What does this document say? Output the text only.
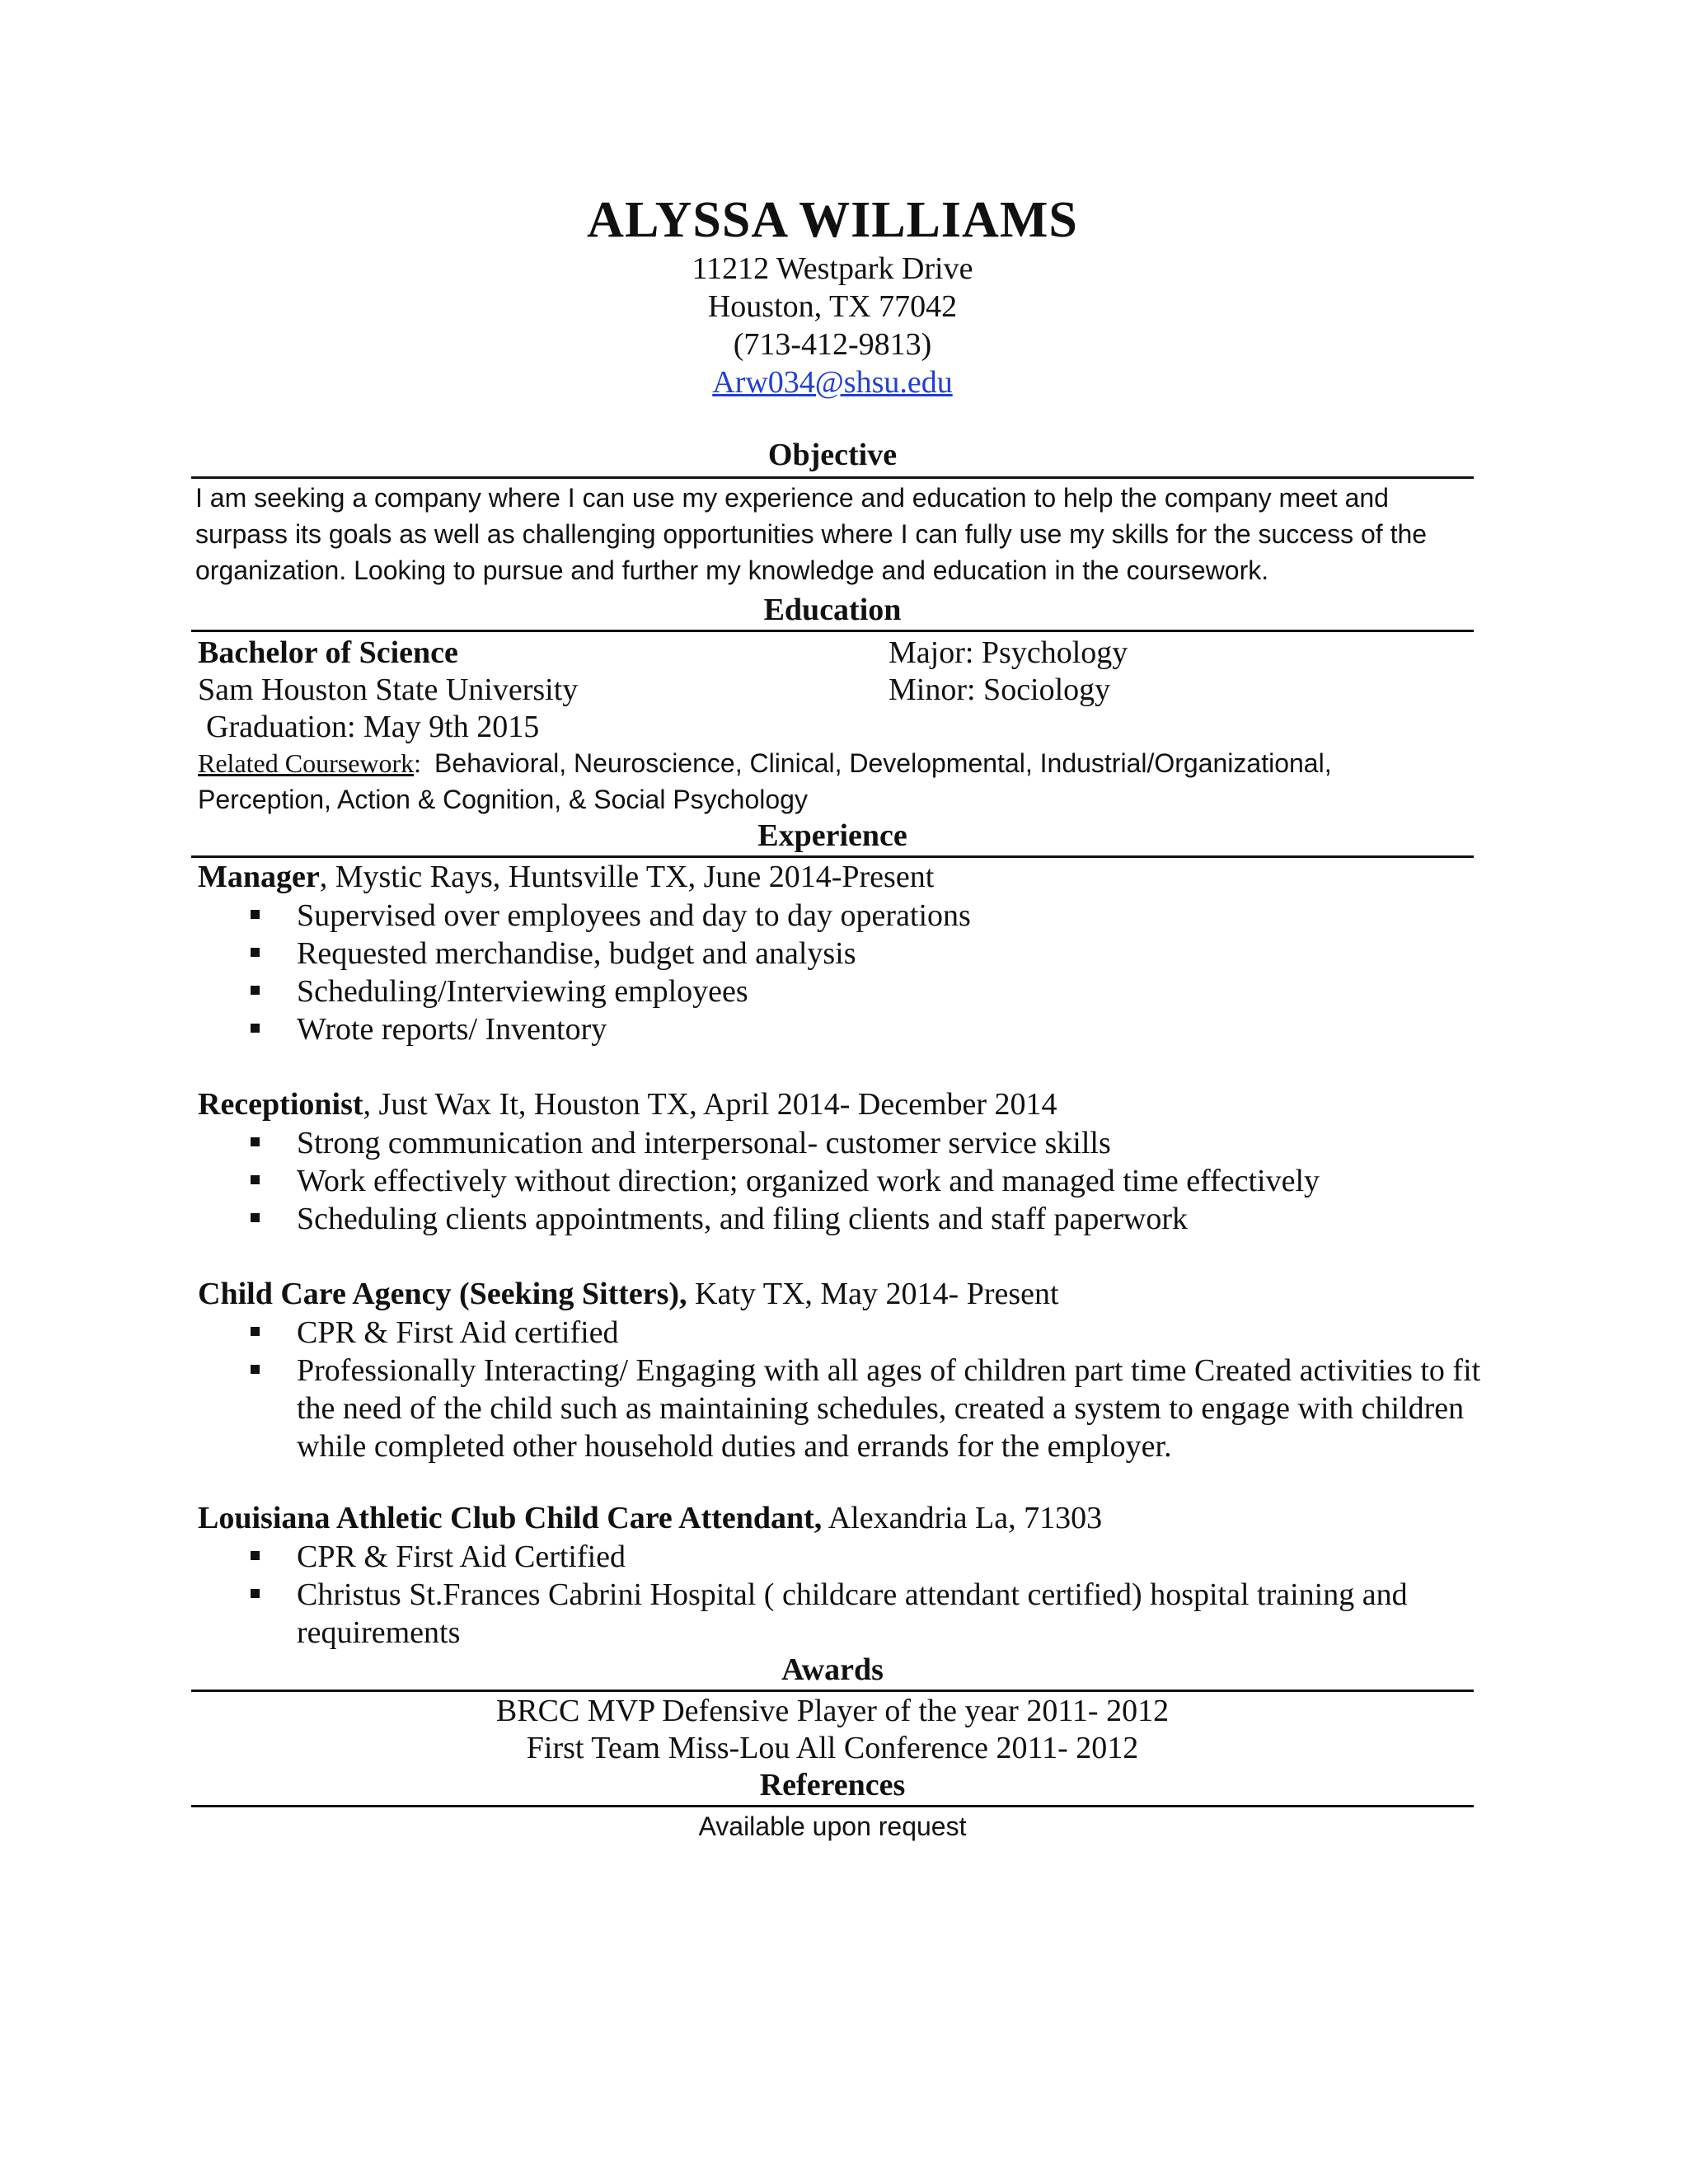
ALYSSA WILLIAMS
11212 Westpark Drive
Houston, TX 77042
(713-412-9813)
Arw034@shsu.edu
Objective
I am seeking a company where I can use my experience and education to help the company meet and surpass its goals as well as challenging opportunities where I can fully use my skills for the success of the organization. Looking to pursue and further my knowledge and education in the coursework.
Education
Bachelor of Science	Major: Psychology
Sam Houston State University	Minor: Sociology
Graduation: May 9th 2015
Related Coursework: Behavioral, Neuroscience, Clinical, Developmental, Industrial/Organizational,
Perception, Action & Cognition, & Social Psychology
Experience
Manager, Mystic Rays, Huntsville TX, June 2014-Present
Supervised over employees and day to day operations
Requested merchandise, budget and analysis
Scheduling/Interviewing employees
Wrote reports/ Inventory
Receptionist, Just Wax It, Houston TX, April 2014- December 2014
Strong communication and interpersonal- customer service skills
Work effectively without direction; organized work and managed time effectively
Scheduling clients appointments, and filing clients and staff paperwork
Child Care Agency (Seeking Sitters), Katy TX, May 2014- Present
CPR & First Aid certified
Professionally Interacting/ Engaging with all ages of children part time Created activities to fit the need of the child such as maintaining schedules, created a system to engage with children while completed other household duties and errands for the employer.
Louisiana Athletic Club Child Care Attendant, Alexandria La, 71303
CPR & First Aid Certified
Christus St.Frances Cabrini Hospital ( childcare attendant certified) hospital training and requirements
Awards
BRCC MVP Defensive Player of the year 2011- 2012
First Team Miss-Lou All Conference 2011- 2012
References
Available upon request
